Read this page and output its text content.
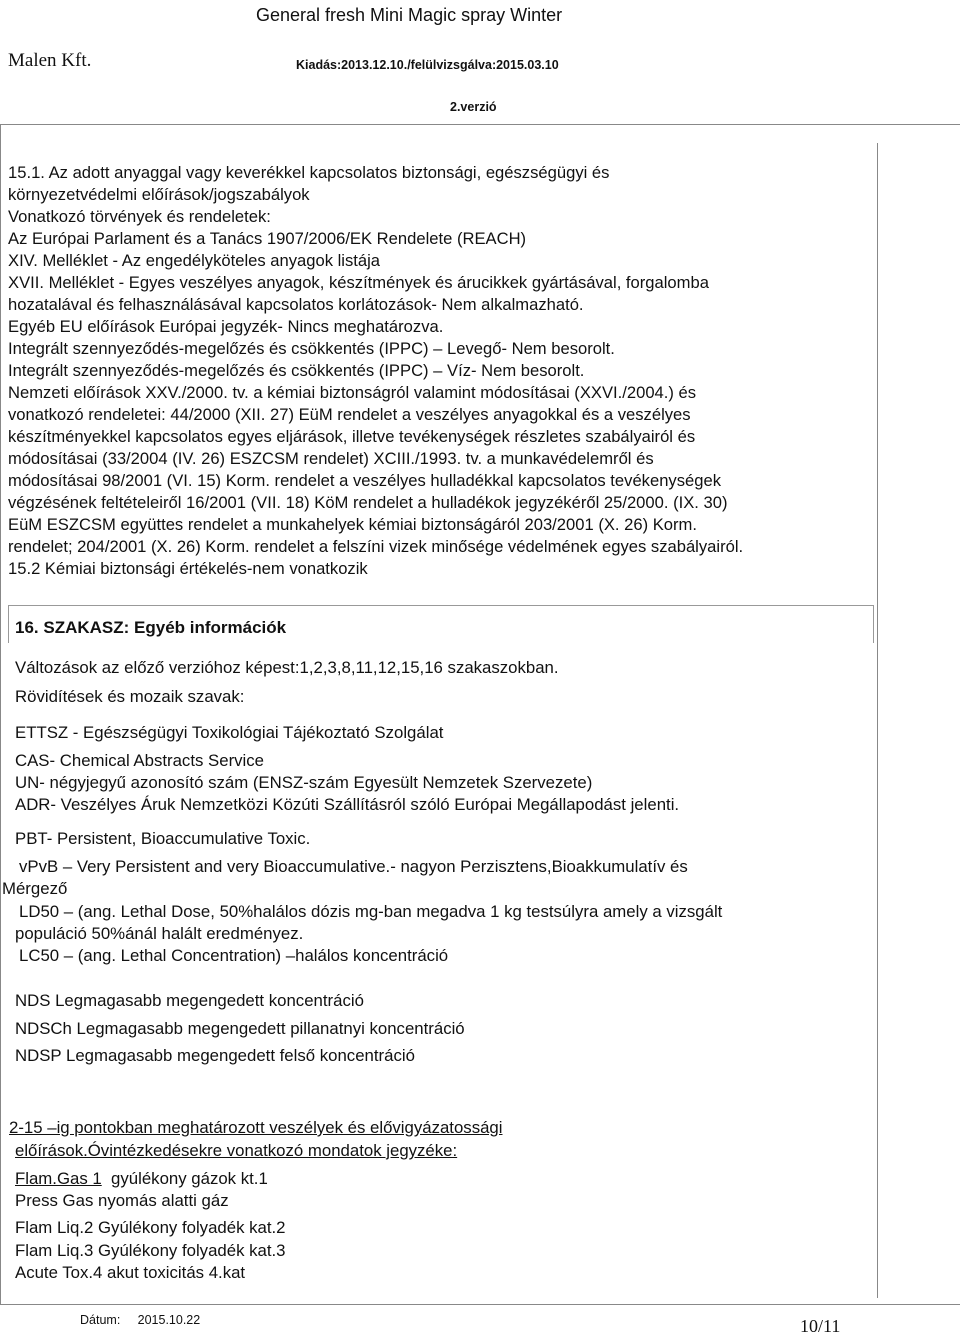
General fresh Mini Magic spray Winter
Malen Kft.	Kiadás:2013.12.10./felülvizsgálva:2015.03.10
2.verzió
15.1. Az adott anyaggal vagy keverékkel kapcsolatos biztonsági, egészségügyi és
környezetvédelmi előírások/jogszabályok
Vonatkozó törvények és rendeletek:
Az Európai Parlament és a Tanács 1907/2006/EK Rendelete (REACH)
XIV. Melléklet - Az engedélyköteles anyagok listája
XVII. Melléklet - Egyes veszélyes anyagok, készítmények és árucikkek gyártásával, forgalomba
hozatalával és felhasználásával kapcsolatos korlátozások- Nem alkalmazható.
Egyéb EU előírások Európai jegyzék- Nincs meghatározva.
Integrált szennyeződés-megelőzés és csökkentés (IPPC) – Levegő- Nem besorolt.
Integrált szennyeződés-megelőzés és csökkentés (IPPC) – Víz- Nem besorolt.
Nemzeti előírások XXV./2000. tv. a kémiai biztonságról valamint módosításai (XXVI./2004.) és
vonatkozó rendeletei: 44/2000 (XII. 27) EüM rendelet a veszélyes anyagokkal és a veszélyes
készítményekkel kapcsolatos egyes eljárások, illetve tevékenységek részletes szabályairól és
módosításai (33/2004 (IV. 26) ESZCSM rendelet) XCIII./1993. tv. a munkavédelemről és
módosításai 98/2001 (VI. 15) Korm. rendelet a veszélyes hulladékkal kapcsolatos tevékenységek
végzésének feltételeiről 16/2001 (VII. 18) KöM rendelet a hulladékok jegyzékéről 25/2000. (IX. 30)
EüM ESZCSM együttes rendelet a munkahelyek kémiai biztonságáról 203/2001 (X. 26) Korm.
rendelet; 204/2001 (X. 26) Korm. rendelet a felszíni vizek minősége védelmének egyes szabályairól.
15.2 Kémiai biztonsági értékelés-nem vonatkozik
16. SZAKASZ: Egyéb információk
Változások az előző verzióhoz képest:1,2,3,8,11,12,15,16 szakaszokban.
Rövidítések és mozaik szavak:
ETTSZ - Egészségügyi Toxikológiai Tájékoztató Szolgálat
CAS- Chemical Abstracts Service
UN- négyjegyű azonosító szám (ENSZ-szám Egyesült Nemzetek Szervezete)
ADR- Veszélyes Áruk Nemzetközi Közúti Szállításról szóló Európai Megállapodást jelenti.
PBT- Persistent, Bioaccumulative Toxic.
vPvB – Very Persistent and very Bioaccumulative.- nagyon Perzisztens,Bioakkumulatív és
Mérgező
LD50 – (ang. Lethal Dose, 50%halálos dózis mg-ban megadva 1 kg testsúlyra amely a vizsgált
populáció 50%ánál halált eredményez.
LC50 – (ang. Lethal Concentration) –halálos koncentráció
NDS Legmagasabb megengedett koncentráció
NDSCh Legmagasabb megengedett pillanatnyi koncentráció
NDSP Legmagasabb megengedett felső koncentráció
2-15 –ig pontokban meghatározott veszélyek és elővigyázatossági
előírások.Óvintézkedésekre vonatkozó mondatok jegyzéke:
Flam.Gas 1  gyúlékony gázok kt.1
Press Gas nyomás alatti gáz
Flam Liq.2 Gyúlékony folyadék kat.2
Flam Liq.3 Gyúlékony folyadék kat.3
Acute Tox.4 akut toxicitás 4.kat
Dátum:     2015.10.22	10/11
